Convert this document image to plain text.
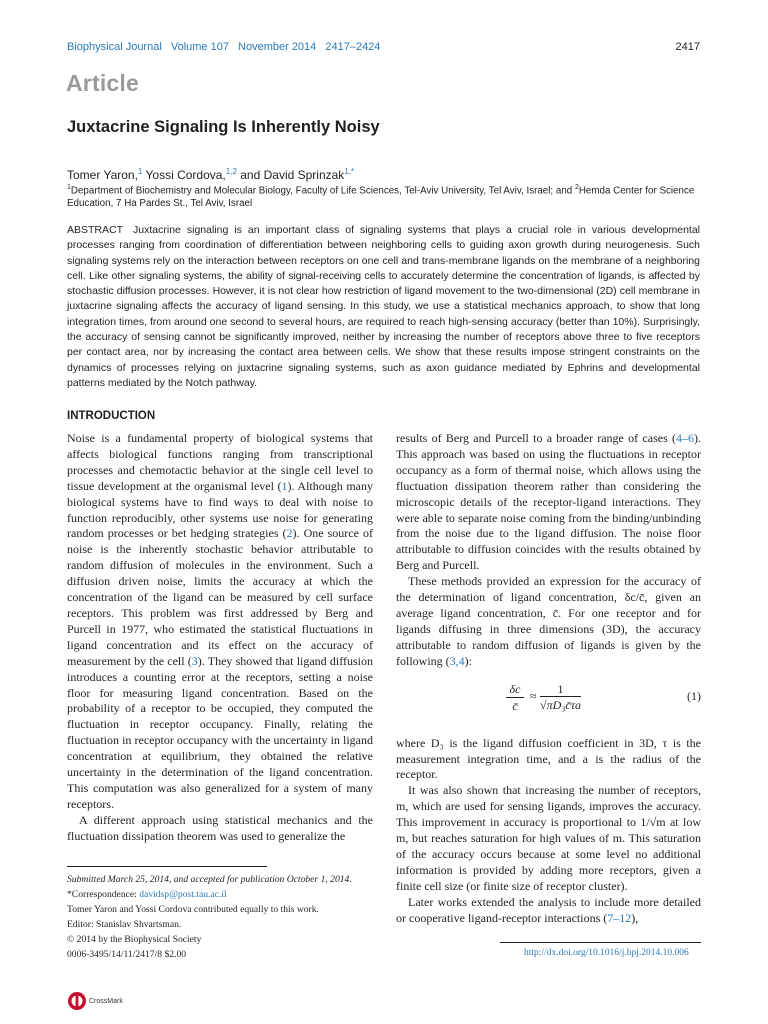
Biophysical Journal Volume 107 November 2014 2417–2424	2417
Article
Juxtacrine Signaling Is Inherently Noisy
Tomer Yaron,$^1$ Yossi Cordova,$^{1,2}$ and David Sprinzak$^{1,*}$
$^1$Department of Biochemistry and Molecular Biology, Faculty of Life Sciences, Tel-Aviv University, Tel Aviv, Israel; and $^2$Hemda Center for Science Education, 7 Ha Pardes St., Tel Aviv, Israel
ABSTRACT Juxtacrine signaling is an important class of signaling systems that plays a crucial role in various developmental processes ranging from coordination of differentiation between neighboring cells to guiding axon growth during neurogenesis. Such signaling systems rely on the interaction between receptors on one cell and trans-membrane ligands on the membrane of a neighboring cell. Like other signaling systems, the ability of signal-receiving cells to accurately determine the concentration of ligands, is affected by stochastic diffusion processes. However, it is not clear how restriction of ligand movement to the two-dimensional (2D) cell membrane in juxtacrine signaling affects the accuracy of ligand sensing. In this study, we use a statistical mechanics approach, to show that long integration times, from around one second to several hours, are required to reach high-sensing accuracy (better than 10%). Surprisingly, the accuracy of sensing cannot be significantly improved, neither by increasing the number of receptors above three to five receptors per contact area, nor by increasing the contact area between cells. We show that these results impose stringent constraints on the dynamics of processes relying on juxtacrine signaling systems, such as axon guidance mediated by Ephrins and developmental patterns mediated by the Notch pathway.
INTRODUCTION

Noise is a fundamental property of biological systems that affects biological functions ranging from transcriptional processes and chemotactic behavior at the single cell level to tissue development at the organismal level (1). Although many biological systems have to find ways to deal with noise to function reproducibly, other systems use noise for generating random processes or bet hedging strategies (2). One source of noise is the inherently stochastic behavior attributable to random diffusion of molecules in the environment. Such a diffusion driven noise, limits the accuracy at which the concentration of the ligand can be measured by cell surface receptors. This problem was first addressed by Berg and Purcell in 1977, who estimated the statistical fluctuations in ligand concentration and its effect on the accuracy of measurement by the cell (3). They showed that ligand diffusion introduces a counting error at the receptors, setting a noise floor for measuring ligand concentration. Based on the probability of a receptor to be occupied, they computed the fluctuation in receptor occupancy. Finally, relating the fluctuation in receptor occupancy with the uncertainty in ligand concentration at equilibrium, they obtained the relative uncertainty in the determination of the ligand concentration. This computation was also generalized for a system of many receptors.

A different approach using statistical mechanics and the fluctuation dissipation theorem was used to generalize the

results of Berg and Purcell to a broader range of cases (4–6). This approach was based on using the fluctuations in receptor occupancy as a form of thermal noise, which allows using the fluctuation dissipation theorem rather than considering the microscopic details of the receptor-ligand interactions. They were able to separate noise coming from the binding/unbinding from the noise due to the ligand diffusion. The noise floor attributable to diffusion coincides with the results obtained by Berg and Purcell.

These methods provided an expression for the accuracy of the determination of ligand concentration, δc/c̄, given an average ligand concentration, c̄. For one receptor and for ligands diffusing in three dimensions (3D), the accuracy attributable to random diffusion of ligands is given by the following (3,4):

δc
c̄
≈ $\frac{1}{\text{√πD₃c̄τa}}$	(1)

where D₃ is the ligand diffusion coefficient in 3D, τ is the measurement integration time, and a is the radius of the receptor.

It was also shown that increasing the number of receptors, m, which are used for sensing ligands, improves the accuracy. This improvement in accuracy is proportional to 1/√m at low m, but reaches saturation for high values of m. This saturation of the accuracy occurs because at some level no additional information is provided by adding more receptors, given a finite cell size (or finite size of receptor cluster).

Later works extended the analysis to include more detailed or cooperative ligand-receptor interactions (7–12),

Submitted March 25, 2014, and accepted for publication October 1, 2014.
*Correspondence: davidsp@post.tau.ac.il
Tomer Yaron and Yossi Cordova contributed equally to this work.
Editor: Stanislav Shvartsman.
© 2014 by the Biophysical Society
0006-3495/14/11/2417/8 $2.00
CrossMark
http://dx.doi.org/10.1016/j.bpj.2014.10.006
